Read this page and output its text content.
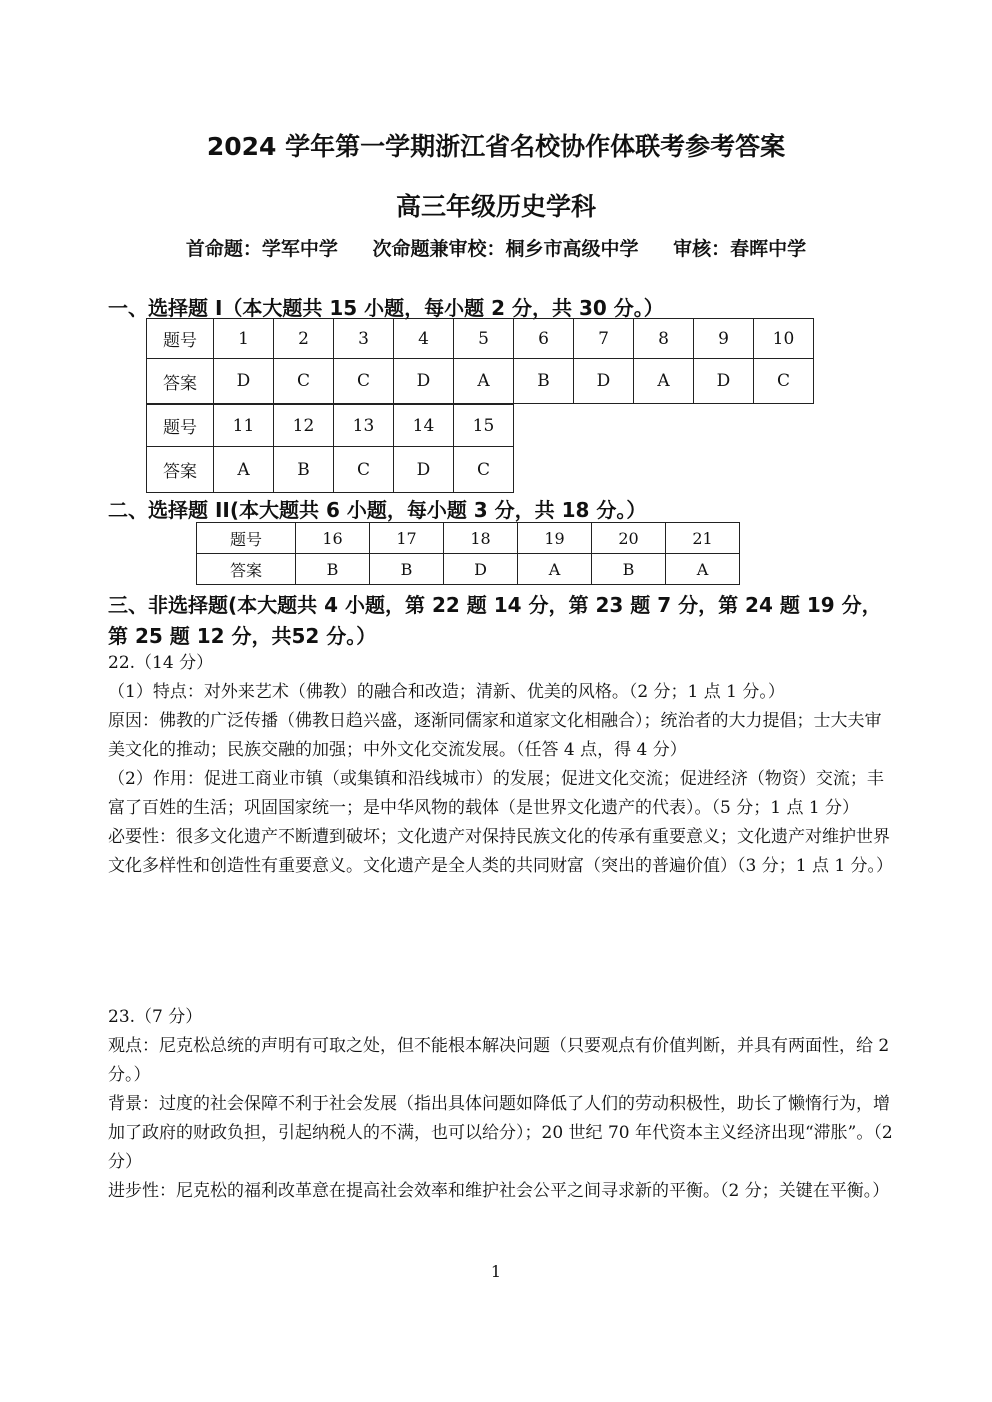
2024 学年第一学期浙江省名校协作体联考参考答案
高三年级历史学科
首命题：学军中学 次命题兼审校：桐乡市高级中学 审核：春晖中学
一、选择题 I（本大题共 15 小题，每小题 2 分，共 30 分。）
题号	1	2	3	4	5	6	7	8	9	10
答案	D	C	C	D	A	B	D	A	D	C
题号	11	12	13	14	15
答案	A	B	C	D	C
二、选择题 II(本大题共 6 小题，每小题 3 分，共 18 分。）
题号	16	17	18	19	20	21
答案	B	B	D	A	B	A
三、非选择题(本大题共 4 小题，第 22 题 14 分，第 23 题 7 分，第 24 题 19 分，第 25 题 12 分，共52 分。）

22.（14 分）

（1）特点：对外来艺术（佛教）的融合和改造；清新、优美的风格。（2 分；1 点 1 分。）

原因：佛教的广泛传播（佛教日趋兴盛，逐渐同儒家和道家文化相融合）；统治者的大力提倡；士大夫审美文化的推动；民族交融的加强；中外文化交流发展。（任答 4 点，得 4 分）

（2）作用：促进工商业市镇（或集镇和沿线城市）的发展；促进文化交流；促进经济（物资）交流；丰富了百姓的生活；巩固国家统一；是中华风物的载体（是世界文化遗产的代表）。（5 分；1 点 1 分）

必要性：很多文化遗产不断遭到破坏；文化遗产对保持民族文化的传承有重要意义；文化遗产对维护世界文化多样性和创造性有重要意义。文化遗产是全人类的共同财富（突出的普遍价值）（3 分；1 点 1 分。）

23.（7 分）

观点：尼克松总统的声明有可取之处，但不能根本解决问题（只要观点有价值判断，并具有两面性，给 2 分。）

背景：过度的社会保障不利于社会发展（指出具体问题如降低了人们的劳动积极性，助长了懒惰行为，增加了政府的财政负担，引起纳税人的不满，也可以给分）；20 世纪 70 年代资本主义经济出现“滞胀”。（2 分）

进步性：尼克松的福利改革意在提高社会效率和维护社会公平之间寻求新的平衡。（2 分；关键在平衡。）

1
